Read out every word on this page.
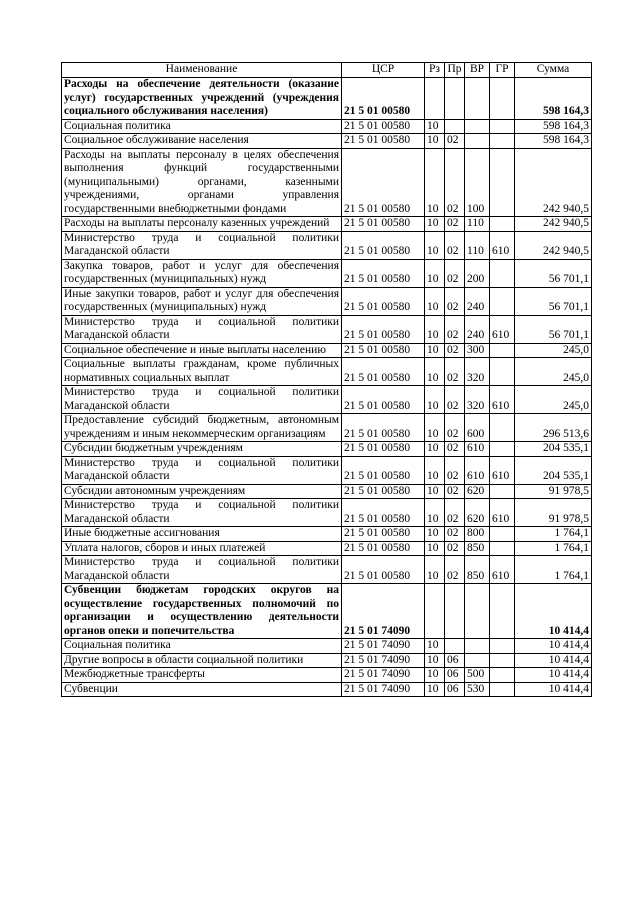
Наименование	ЦСР	Рз	Пр	ВР	ГР	Сумма
Расходы на обеспечение деятельности (оказание услуг) государственных учреждений (учреждения социального обслуживания населения)	21 5 01 00580					598 164,3
Социальная политика	21 5 01 00580	10				598 164,3
Социальное обслуживание населения	21 5 01 00580	10	02			598 164,3
Расходы на выплаты персоналу в целях обеспечения выполнения функций государственными (муниципальными) органами, казенными учреждениями, органами управления государственными внебюджетными фондами	21 5 01 00580	10	02	100		242 940,5
Расходы на выплаты персоналу казенных учреждений	21 5 01 00580	10	02	110		242 940,5
Министерство труда и социальной политики Магаданской области	21 5 01 00580	10	02	110	610	242 940,5
Закупка товаров, работ и услуг для обеспечения государственных (муниципальных) нужд	21 5 01 00580	10	02	200		56 701,1
Иные закупки товаров, работ и услуг для обеспечения государственных (муниципальных) нужд	21 5 01 00580	10	02	240		56 701,1
Министерство труда и социальной политики Магаданской области	21 5 01 00580	10	02	240	610	56 701,1
Социальное обеспечение и иные выплаты населению	21 5 01 00580	10	02	300		245,0
Социальные выплаты гражданам, кроме публичных нормативных социальных выплат	21 5 01 00580	10	02	320		245,0
Министерство труда и социальной политики Магаданской области	21 5 01 00580	10	02	320	610	245,0
Предоставление субсидий бюджетным, автономным учреждениям и иным некоммерческим организациям	21 5 01 00580	10	02	600		296 513,6
Субсидии бюджетным учреждениям	21 5 01 00580	10	02	610		204 535,1
Министерство труда и социальной политики Магаданской области	21 5 01 00580	10	02	610	610	204 535,1
Субсидии автономным учреждениям	21 5 01 00580	10	02	620		91 978,5
Министерство труда и социальной политики Магаданской области	21 5 01 00580	10	02	620	610	91 978,5
Иные бюджетные ассигнования	21 5 01 00580	10	02	800		1 764,1
Уплата налогов, сборов и иных платежей	21 5 01 00580	10	02	850		1 764,1
Министерство труда и социальной политики Магаданской области	21 5 01 00580	10	02	850	610	1 764,1
Субвенции бюджетам городских округов на осуществление государственных полномочий по организации и осуществлению деятельности органов опеки и попечительства	21 5 01 74090					10 414,4
Социальная политика	21 5 01 74090	10				10 414,4
Другие вопросы в области социальной политики	21 5 01 74090	10	06			10 414,4
Межбюджетные трансферты	21 5 01 74090	10	06	500		10 414,4
Субвенции	21 5 01 74090	10	06	530		10 414,4
